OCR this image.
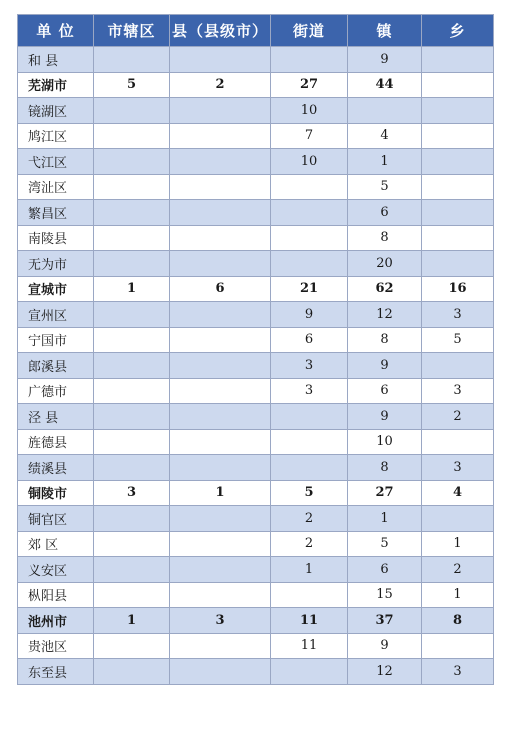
单 位	市辖区	县（县级市）	街道	镇	乡
和 县				9	
芜湖市	5	2	27	44	
镜湖区			10		
鸠江区			7	4	
弋江区			10	1	
湾沚区				5	
繁昌区				6	
南陵县				8	
无为市				20	
宣城市	1	6	21	62	16
宣州区			9	12	3
宁国市			6	8	5
郎溪县			3	9	
广德市			3	6	3
泾 县				9	2
旌德县				10	
绩溪县				8	3
铜陵市	3	1	5	27	4
铜官区			2	1	
郊 区			2	5	1
义安区			1	6	2
枞阳县				15	1
池州市	1	3	11	37	8
贵池区			11	9	
东至县				12	3
